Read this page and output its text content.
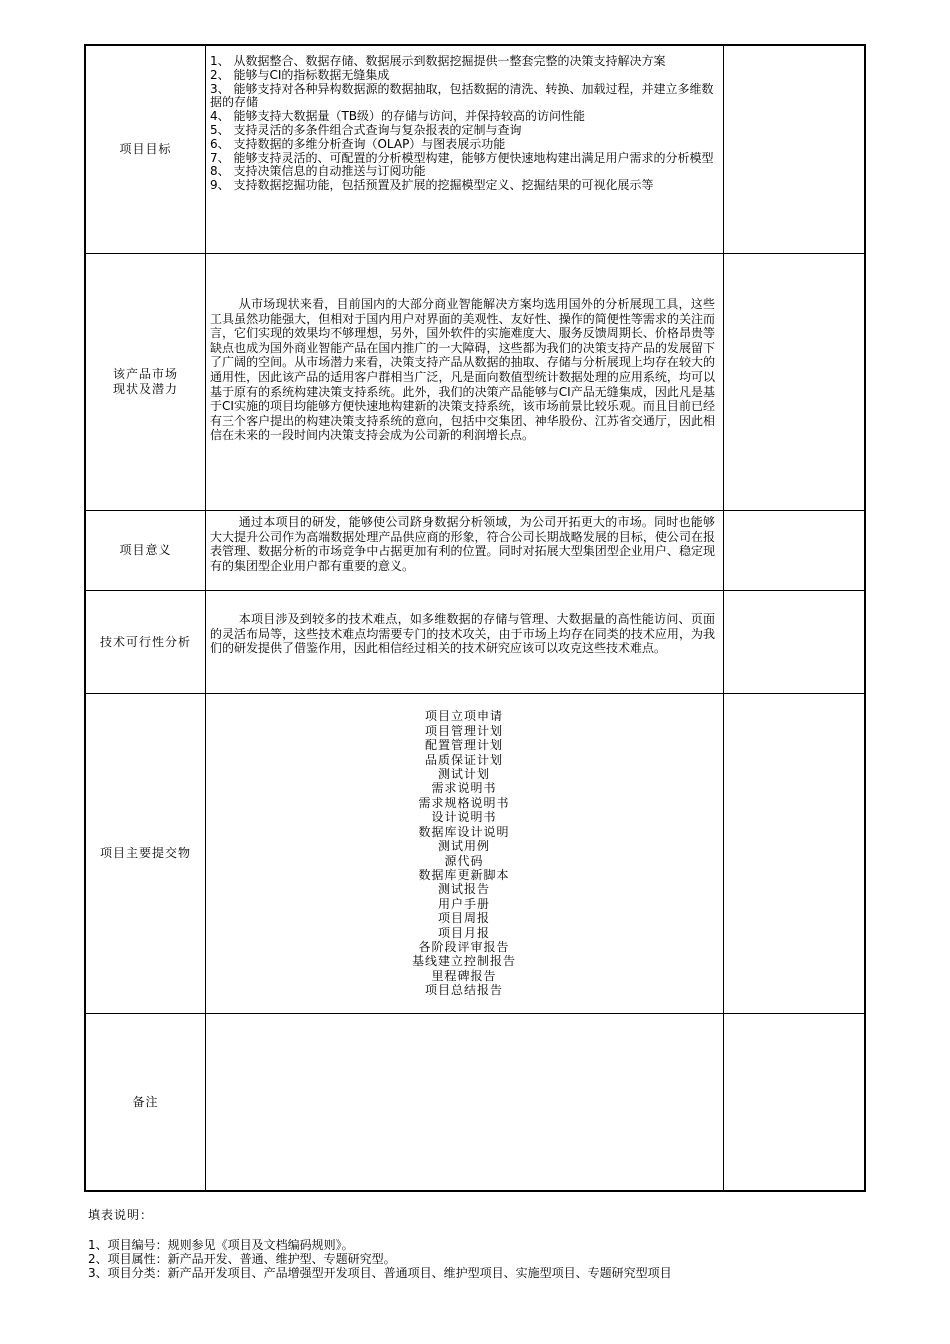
项目目标
1、 从数据整合、数据存储、数据展示到数据挖掘提供一整套完整的决策支持解决方案
2、 能够与CI的指标数据无缝集成
3、 能够支持对各种异构数据源的数据抽取，包括数据的清洗、转换、加载过程，并建立多维数据的存储
4、 能够支持大数据量（TB级）的存储与访问，并保持较高的访问性能
5、 支持灵活的多条件组合式查询与复杂报表的定制与查询
6、 支持数据的多维分析查询（OLAP）与图表展示功能
7、 能够支持灵活的、可配置的分析模型构建，能够方便快速地构建出满足用户需求的分析模型
8、 支持决策信息的自动推送与订阅功能
9、 支持数据挖掘功能，包括预置及扩展的挖掘模型定义、挖掘结果的可视化展示等
该产品市场
现状及潜力
从市场现状来看，目前国内的大部分商业智能解决方案均选用国外的分析展现工具，这些工具虽然功能强大，但相对于国内用户对界面的美观性、友好性、操作的简便性等需求的关注而言，它们实现的效果均不够理想，另外，国外软件的实施难度大、服务反馈周期长、价格昂贵等缺点也成为国外商业智能产品在国内推广的一大障碍，这些都为我们的决策支持产品的发展留下了广阔的空间。从市场潜力来看，决策支持产品从数据的抽取、存储与分析展现上均存在较大的通用性，因此该产品的适用客户群相当广泛，凡是面向数值型统计数据处理的应用系统，均可以基于原有的系统构建决策支持系统。此外，我们的决策产品能够与CI产品无缝集成，因此凡是基于CI实施的项目均能够方便快速地构建新的决策支持系统，该市场前景比较乐观。而且目前已经有三个客户提出的构建决策支持系统的意向，包括中交集团、神华股份、江苏省交通厅，因此相信在未来的一段时间内决策支持会成为公司新的利润增长点。
项目意义
通过本项目的研发，能够使公司跻身数据分析领域，为公司开拓更大的市场。同时也能够大大提升公司作为高端数据处理产品供应商的形象，符合公司长期战略发展的目标，使公司在报表管理、数据分析的市场竞争中占据更加有利的位置。同时对拓展大型集团型企业用户、稳定现有的集团型企业用户都有重要的意义。
技术可行性分析
本项目涉及到较多的技术难点，如多维数据的存储与管理、大数据量的高性能访问、页面的灵活布局等，这些技术难点均需要专门的技术攻关，由于市场上均存在同类的技术应用，为我们的研发提供了借鉴作用，因此相信经过相关的技术研究应该可以攻克这些技术难点。
项目主要提交物
项目立项申请
项目管理计划
配置管理计划
品质保证计划
测试计划
需求说明书
需求规格说明书
设计说明书
数据库设计说明
测试用例
源代码
数据库更新脚本
测试报告
用户手册
项目周报
项目月报
各阶段评审报告
基线建立控制报告
里程碑报告
项目总结报告
备注
填表说明：
1、项目编号：规则参见《项目及文档编码规则》。
2、项目属性：新产品开发、普通、维护型、专题研究型。
3、项目分类：新产品开发项目、产品增强型开发项目、普通项目、维护型项目、实施型项目、专题研究型项目
